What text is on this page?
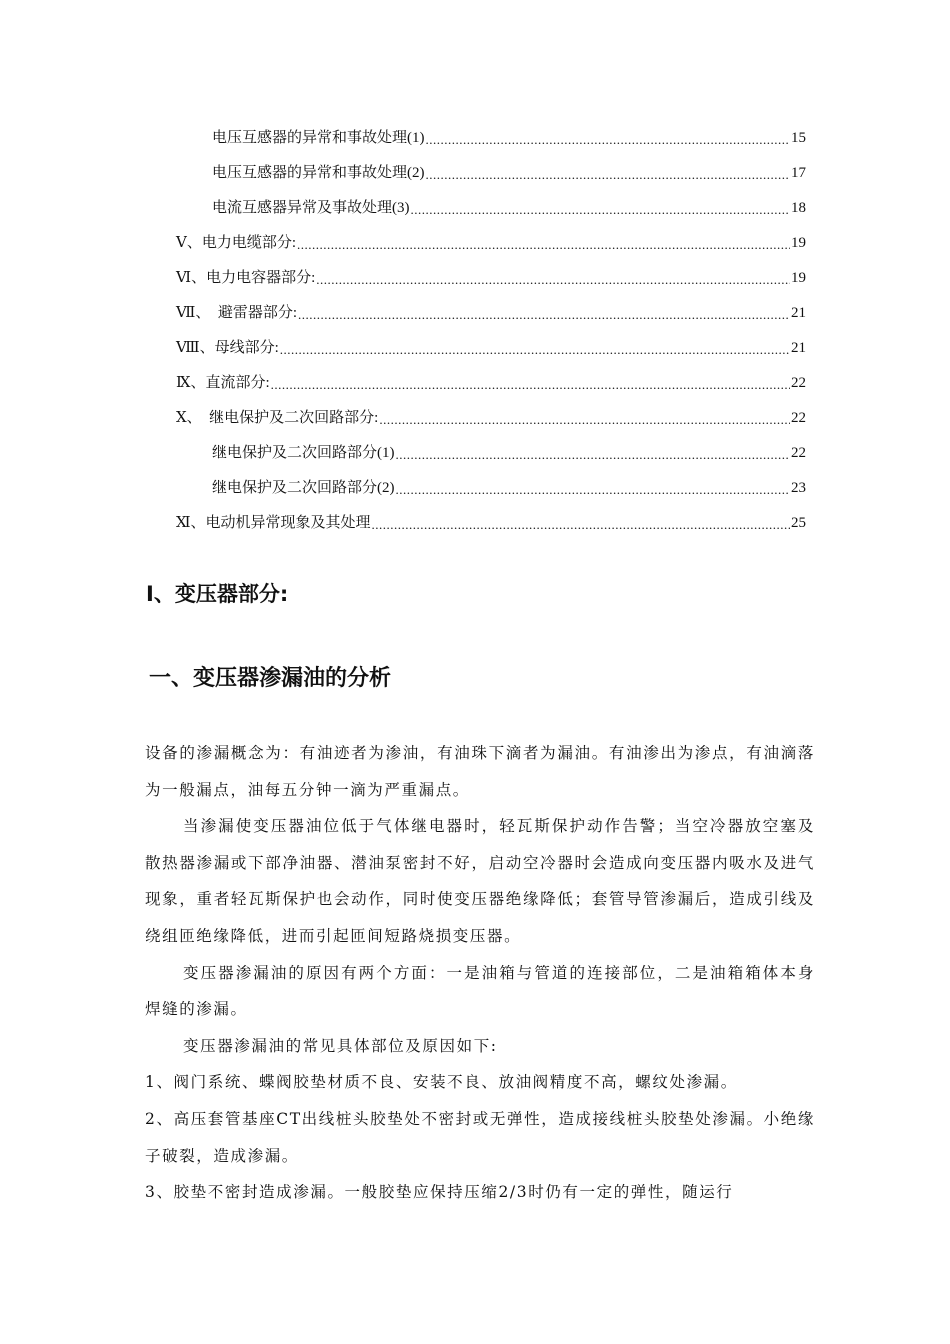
电压互感器的异常和事故处理(1) .....	15
电压互感器的异常和事故处理(2) .....	17
电流互感器异常及事故处理(3) .....	18
Ⅴ、电力电缆部分: .....	19
Ⅵ、电力电容器部分: .....	19
Ⅶ、  避雷器部分: .....	21
Ⅷ、母线部分: .....	21
Ⅸ、直流部分: .....	22
Ⅹ、  继电保护及二次回路部分: .....	22
继电保护及二次回路部分(1) .....	22
继电保护及二次回路部分(2) .....	23
Ⅺ、电动机异常现象及其处理 .....	25
Ⅰ、变压器部分:
一、变压器渗漏油的分析

设备的渗漏概念为：有油迹者为渗油，有油珠下滴者为漏油。有油渗出为渗点，有油滴落为一般漏点，油每五分钟一滴为严重漏点。

当渗漏使变压器油位低于气体继电器时，轻瓦斯保护动作告警；当空冷器放空塞及散热器渗漏或下部净油器、潜油泵密封不好，启动空冷器时会造成向变压器内吸水及进气现象，重者轻瓦斯保护也会动作，同时使变压器绝缘降低；套管导管渗漏后，造成引线及绕组匝绝缘降低，进而引起匝间短路烧损变压器。

变压器渗漏油的原因有两个方面：一是油箱与管道的连接部位，二是油箱箱体本身焊缝的渗漏。

变压器渗漏油的常见具体部位及原因如下:

1、阀门系统、蝶阀胶垫材质不良、安装不良、放油阀精度不高，螺纹处渗漏。

2、高压套管基座CT出线桩头胶垫处不密封或无弹性，造成接线桩头胶垫处渗漏。小绝缘子破裂，造成渗漏。

3、胶垫不密封造成渗漏。一般胶垫应保持压缩2/3时仍有一定的弹性，随运行
